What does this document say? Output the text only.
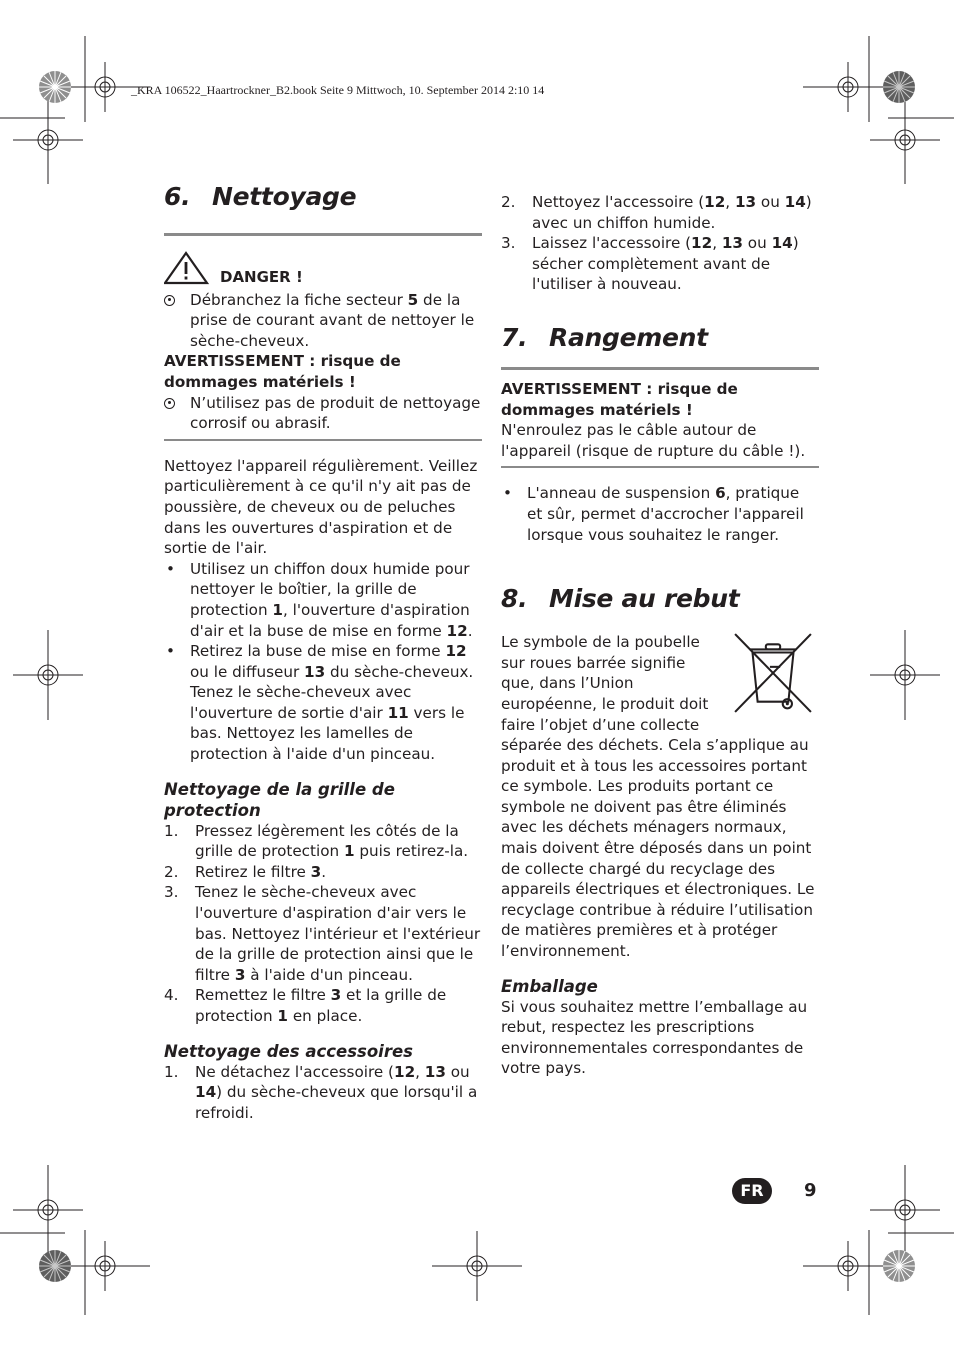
_KRA 106522_Haartrockner_B2.book Seite 9 Mittwoch, 10. September 2014 2:10 14
6. Nettoyage
DANGER !
Débranchez la fiche secteur 5 de la prise de courant avant de nettoyer le sèche-cheveux.
AVERTISSEMENT : risque de dommages matériels !
N’utilisez pas de produit de nettoyage corrosif ou abrasif.

Nettoyez l'appareil régulièrement. Veillez particulièrement à ce qu'il n'y ait pas de poussière, de cheveux ou de peluches dans les ouvertures d'aspiration et de sortie de l'air.

• Utilisez un chiffon doux humide pour nettoyer le boîtier, la grille de protection 1, l'ouverture d'aspiration d'air et la buse de mise en forme 12.
• Retirez la buse de mise en forme 12 ou le diffuseur 13 du sèche-cheveux. Tenez le sèche-cheveux avec l'ouverture de sortie d'air 11 vers le bas. Nettoyez les lamelles de protection à l'aide d'un pinceau.
Nettoyage de la grille de protection
1.	Pressez légèrement les côtés de la grille de protection 1 puis retirez-la.
2.	Retirez le filtre 3.
3.	Tenez le sèche-cheveux avec l'ouverture d'aspiration d'air vers le bas. Nettoyez l'intérieur et l'extérieur de la grille de protection ainsi que le filtre 3 à l'aide d'un pinceau.
4.	Remettez le filtre 3 et la grille de protection 1 en place.
Nettoyage des accessoires
1.	Ne détachez l'accessoire (12, 13 ou 14) du sèche-cheveux que lorsqu'il a refroidi.
2.	Nettoyez l'accessoire (12, 13 ou 14) avec un chiffon humide.
3.	Laissez l'accessoire (12, 13 ou 14) sécher complètement avant de l'utiliser à nouveau.
7. Rangement
AVERTISSEMENT : risque de dommages matériels !

N'enroulez pas le câble autour de l'appareil (risque de rupture du câble !).

• L'anneau de suspension 6, pratique et sûr, permet d'accrocher l'appareil lorsque vous souhaitez le ranger.
8. Mise au rebut

Le symbole de la poubelle sur roues barrée signifie que, dans l’Union européenne, le produit doit faire l’objet d’une collecte séparée des déchets. Cela s’applique au produit et à tous les accessoires portant ce symbole. Les produits portant ce symbole ne doivent pas être éliminés avec les déchets ménagers normaux, mais doivent être déposés dans un point de collecte chargé du recyclage des appareils électriques et électroniques. Le recyclage contribue à réduire l’utilisation de matières premières et à protéger l’environnement.

Emballage

Si vous souhaitez mettre l’emballage au rebut, respectez les prescriptions environnementales correspondantes de votre pays.

FR	9
